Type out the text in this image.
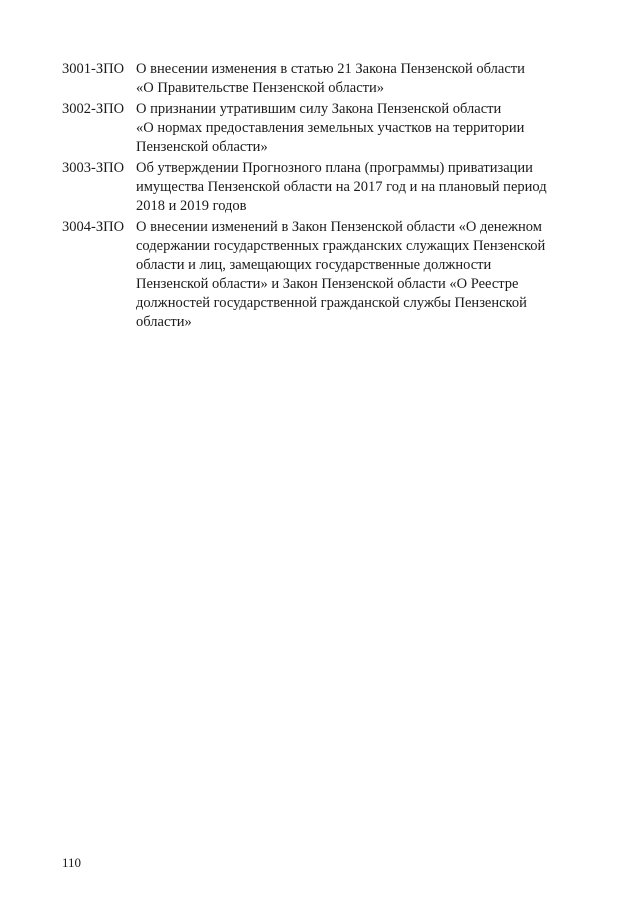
3001-ЗПО О внесении изменения в статью 21 Закона Пензенской области
«О Правительстве Пензенской области»
3002-ЗПО О признании утратившим силу Закона Пензенской области
«О нормах предоставления земельных участков на территории
Пензенской области»
3003-ЗПО Об утверждении Прогнозного плана (программы) приватизации
имущества Пензенской области на 2017 год и на плановый период
2018 и 2019 годов
3004-ЗПО О внесении изменений в Закон Пензенской области «О денежном
содержании государственных гражданских служащих Пензенской
области и лиц, замещающих государственные должности
Пензенской области» и Закон Пензенской области «О Реестре
должностей государственной гражданской службы Пензенской
области»
110
